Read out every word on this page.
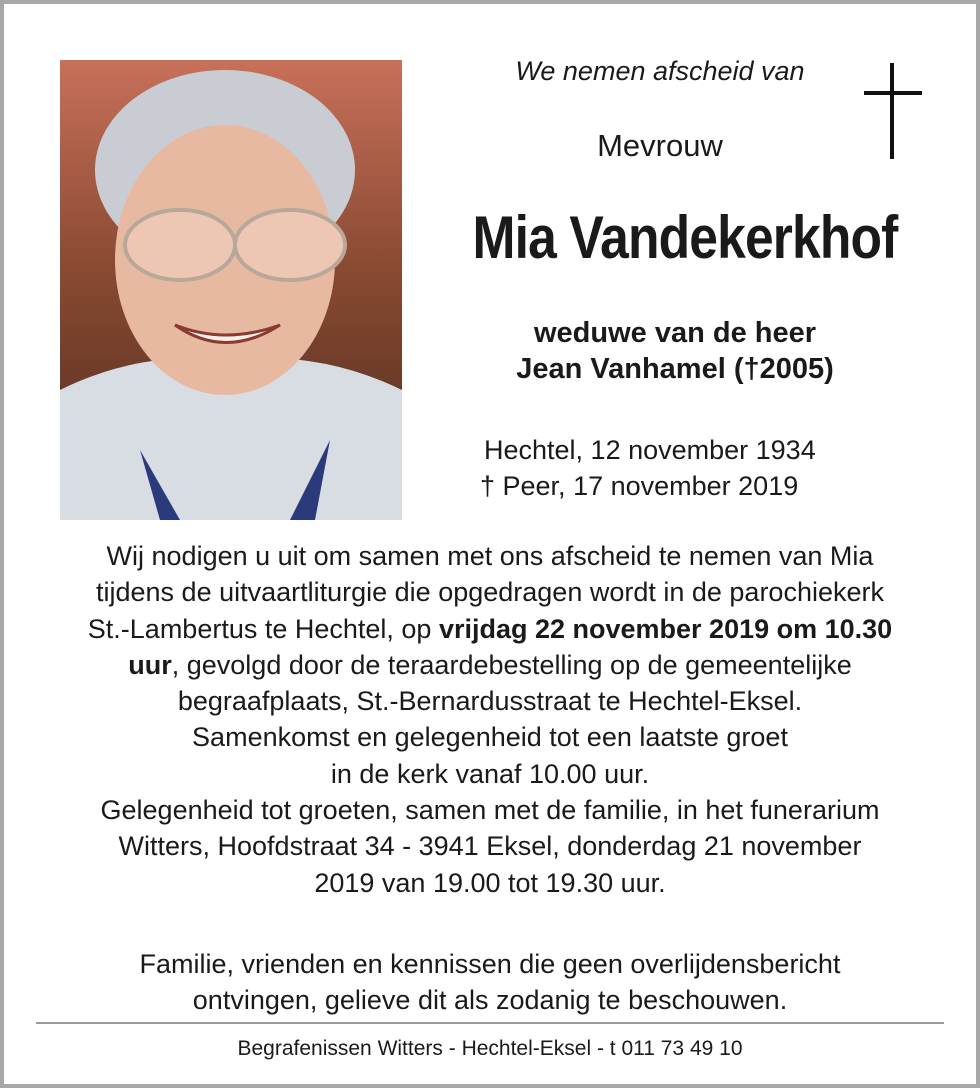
We nemen afscheid van
Mevrouw
Mia Vandekerkhof
weduwe van de heer
Jean Vanhamel (†2005)
Hechtel, 12 november 1934
† Peer, 17 november 2019
Wij nodigen u uit om samen met ons afscheid te nemen van Mia tijdens de uitvaartliturgie die opgedragen wordt in de parochiekerk St.-Lambertus te Hechtel, op vrijdag 22 november 2019 om 10.30 uur, gevolgd door de teraardebestelling op de gemeentelijke begraafplaats, St.-Bernardusstraat te Hechtel-Eksel.
Samenkomst en gelegenheid tot een laatste groet in de kerk vanaf 10.00 uur.
Gelegenheid tot groeten, samen met de familie, in het funerarium Witters, Hoofdstraat 34 - 3941 Eksel, donderdag 21 november 2019 van 19.00 tot 19.30 uur.
Familie, vrienden en kennissen die geen overlijdensbericht ontvingen, gelieve dit als zodanig te beschouwen.
Begrafenissen Witters - Hechtel-Eksel - t 011 73 49 10
